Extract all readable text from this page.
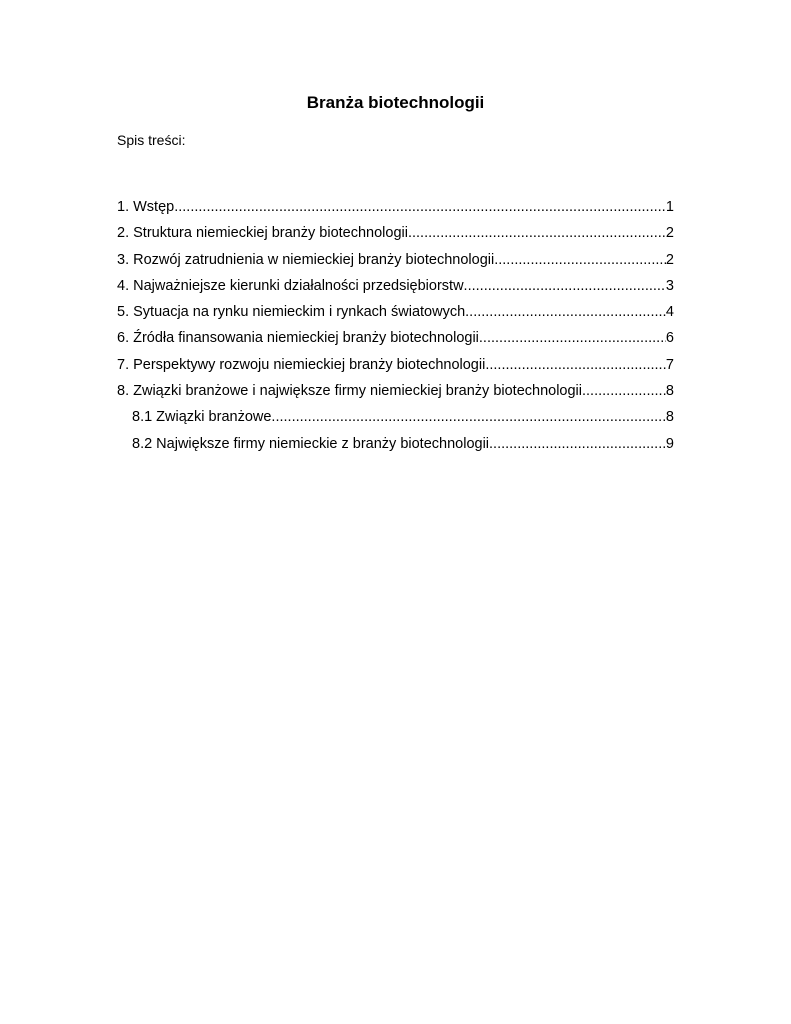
Branża biotechnologii
Spis treści:
1. Wstęp .....	1
2. Struktura niemieckiej branży biotechnologii .....	2
3. Rozwój zatrudnienia w niemieckiej branży biotechnologii .....	2
4. Najważniejsze kierunki działalności przedsiębiorstw .....	3
5. Sytuacja na rynku niemieckim i rynkach światowych .....	4
6. Źródła finansowania niemieckiej branży biotechnologii .....	6
7. Perspektywy rozwoju niemieckiej branży biotechnologii .....	7
8. Związki branżowe i największe firmy niemieckiej branży biotechnologii .....	8
8.1 Związki branżowe .....	8
8.2 Największe firmy niemieckie z branży biotechnologii .....	9
